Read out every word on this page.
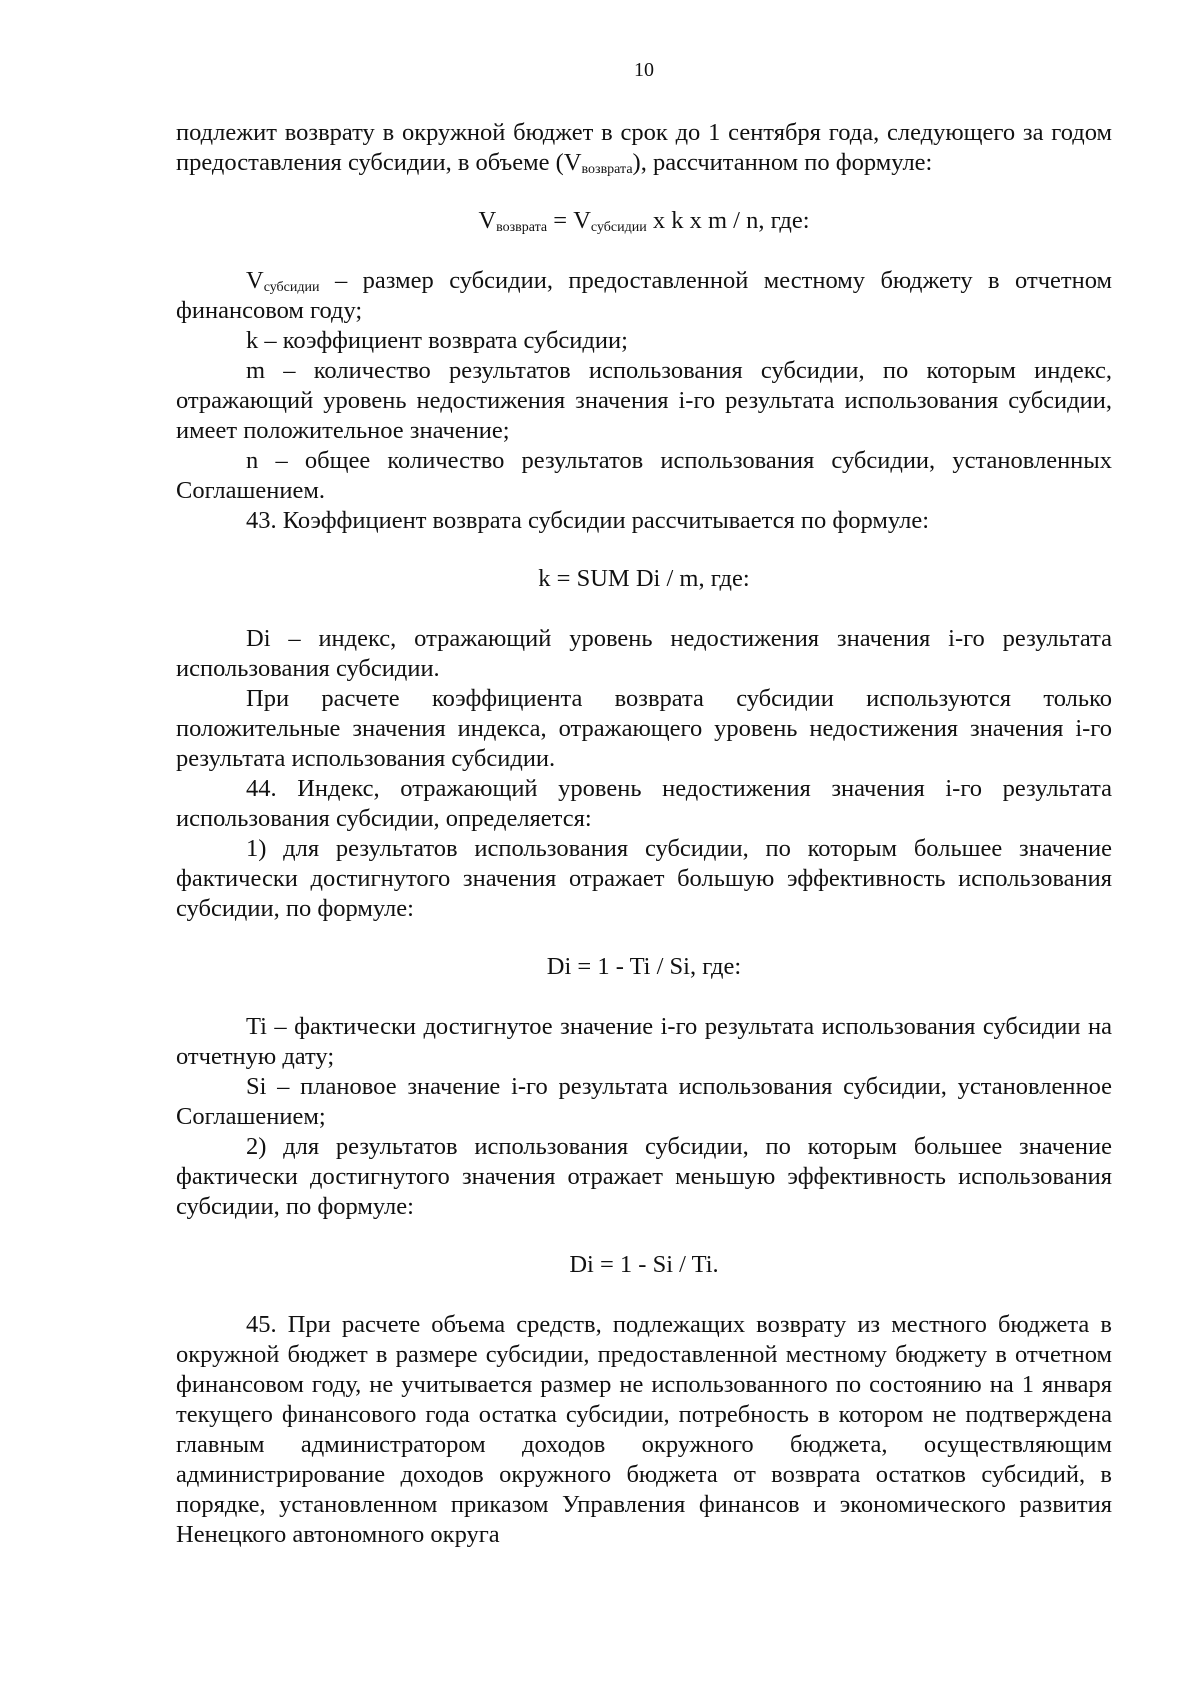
10

подлежит возврату в окружной бюджет в срок до 1 сентября года, следующего за годом предоставления субсидии, в объеме $(V_{возврата})$, рассчитанном по формуле:

$V_{возврата} = V_{субсидии}$ x k x m / n, где:

$V_{субсидии}$ – размер субсидии, предоставленной местному бюджету в отчетном финансовом году;

k – коэффициент возврата субсидии;

m – количество результатов использования субсидии, по которым индекс, отражающий уровень недостижения значения i-го результата использования субсидии, имеет положительное значение;

n – общее количество результатов использования субсидии, установленных Соглашением.

43. Коэффициент возврата субсидии рассчитывается по формуле:

k = SUM Di / m, где:

Di – индекс, отражающий уровень недостижения значения i-го результата использования субсидии.

При расчете коэффициента возврата субсидии используются только положительные значения индекса, отражающего уровень недостижения значения i-го результата использования субсидии.

44. Индекс, отражающий уровень недостижения значения i-го результата использования субсидии, определяется:

1) для результатов использования субсидии, по которым большее значение фактически достигнутого значения отражает большую эффективность использования субсидии, по формуле:

Di = 1 - Ti / Si, где:

Ti – фактически достигнутое значение i-го результата использования субсидии на отчетную дату;

Si – плановое значение i-го результата использования субсидии, установленное Соглашением;

2) для результатов использования субсидии, по которым большее значение фактически достигнутого значения отражает меньшую эффективность использования субсидии, по формуле:

Di = 1 - Si / Ti.

45. При расчете объема средств, подлежащих возврату из местного бюджета в окружной бюджет в размере субсидии, предоставленной местному бюджету в отчетном финансовом году, не учитывается размер не использованного по состоянию на 1 января текущего финансового года остатка субсидии, потребность в котором не подтверждена главным администратором доходов окружного бюджета, осуществляющим администрирование доходов окружного бюджета от возврата остатков субсидий, в порядке, установленном приказом Управления финансов и экономического развития Ненецкого автономного округа
